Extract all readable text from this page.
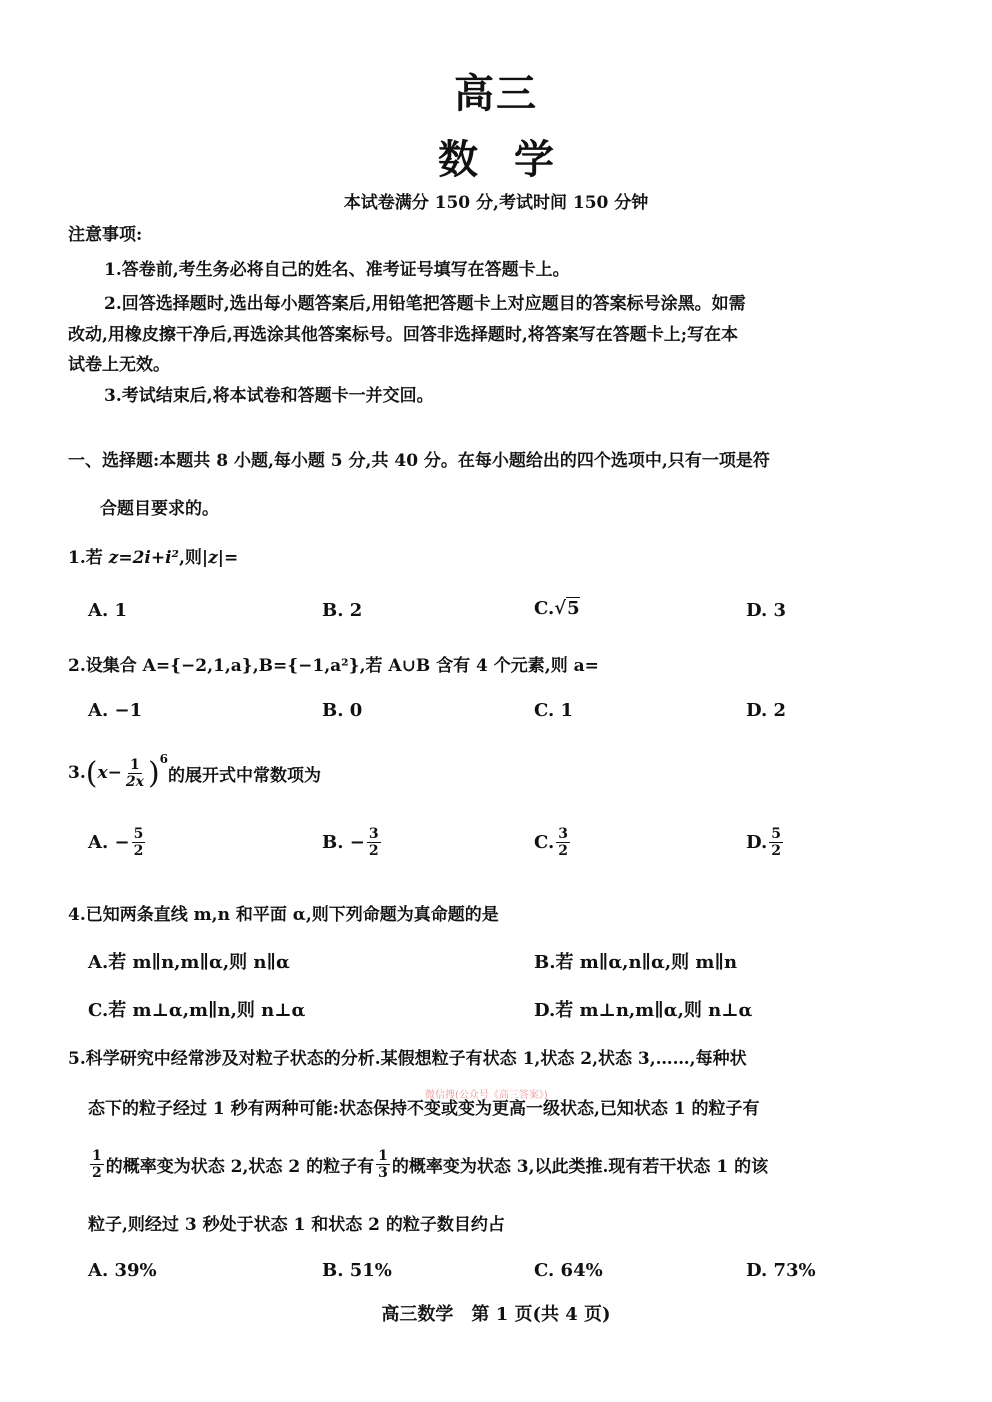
高三
数学
本试卷满分 150 分,考试时间 150 分钟
注意事项:
1.答卷前,考生务必将自己的姓名、准考证号填写在答题卡上。
2.回答选择题时,选出每小题答案后,用铅笔把答题卡上对应题目的答案标号涂黑。如需
改动,用橡皮擦干净后,再选涂其他答案标号。回答非选择题时,将答案写在答题卡上;写在本
试卷上无效。
3.考试结束后,将本试卷和答题卡一并交回。
一、选择题:本题共 8 小题,每小题 5 分,共 40 分。在每小题给出的四个选项中,只有一项是符
合题目要求的。
1.若 z=2i+i²,则|z|=
A. 1	B. 2	C.√5	D. 3
2.设集合 A={−2,1,a},B={−1,a²},若 A∪B 含有 4 个元素,则 a=
A. −1	B. 0	C. 1	D. 2
3. ( $x- \frac{1}{2x} )^6$
的展开式中常数项为
A. − $\frac{5}{2}$	B. − $\frac{3}{2}$	C. $\frac{3}{2}$	D. $\frac{5}{2}$
4.已知两条直线 m,n 和平面 α,则下列命题为真命题的是
A.若 m∥n,m∥α,则 n∥α	B.若 m∥α,n∥α,则 m∥n
C.若 m⊥α,m∥n,则 n⊥α	D.若 m⊥n,m∥α,则 n⊥α
5.科学研究中经常涉及对粒子状态的分析.某假想粒子有状态 1,状态 2,状态 3,……,每种状
微信搜(公众号《高三答案》)
态下的粒子经过 1 秒有两种可能:状态保持不变或变为更高一级状态,已知状态 1 的粒子有
$\frac{1}{2}$ 的概率变为状态 2,状态 2 的粒子有 $\frac{1}{3}$ 的概率变为状态 3,以此类推.现有若干状态 1 的该
粒子,则经过 3 秒处于状态 1 和状态 2 的粒子数目约占
A. 39%	B. 51%	C. 64%	D. 73%
高三数学　第 1 页(共 4 页)
